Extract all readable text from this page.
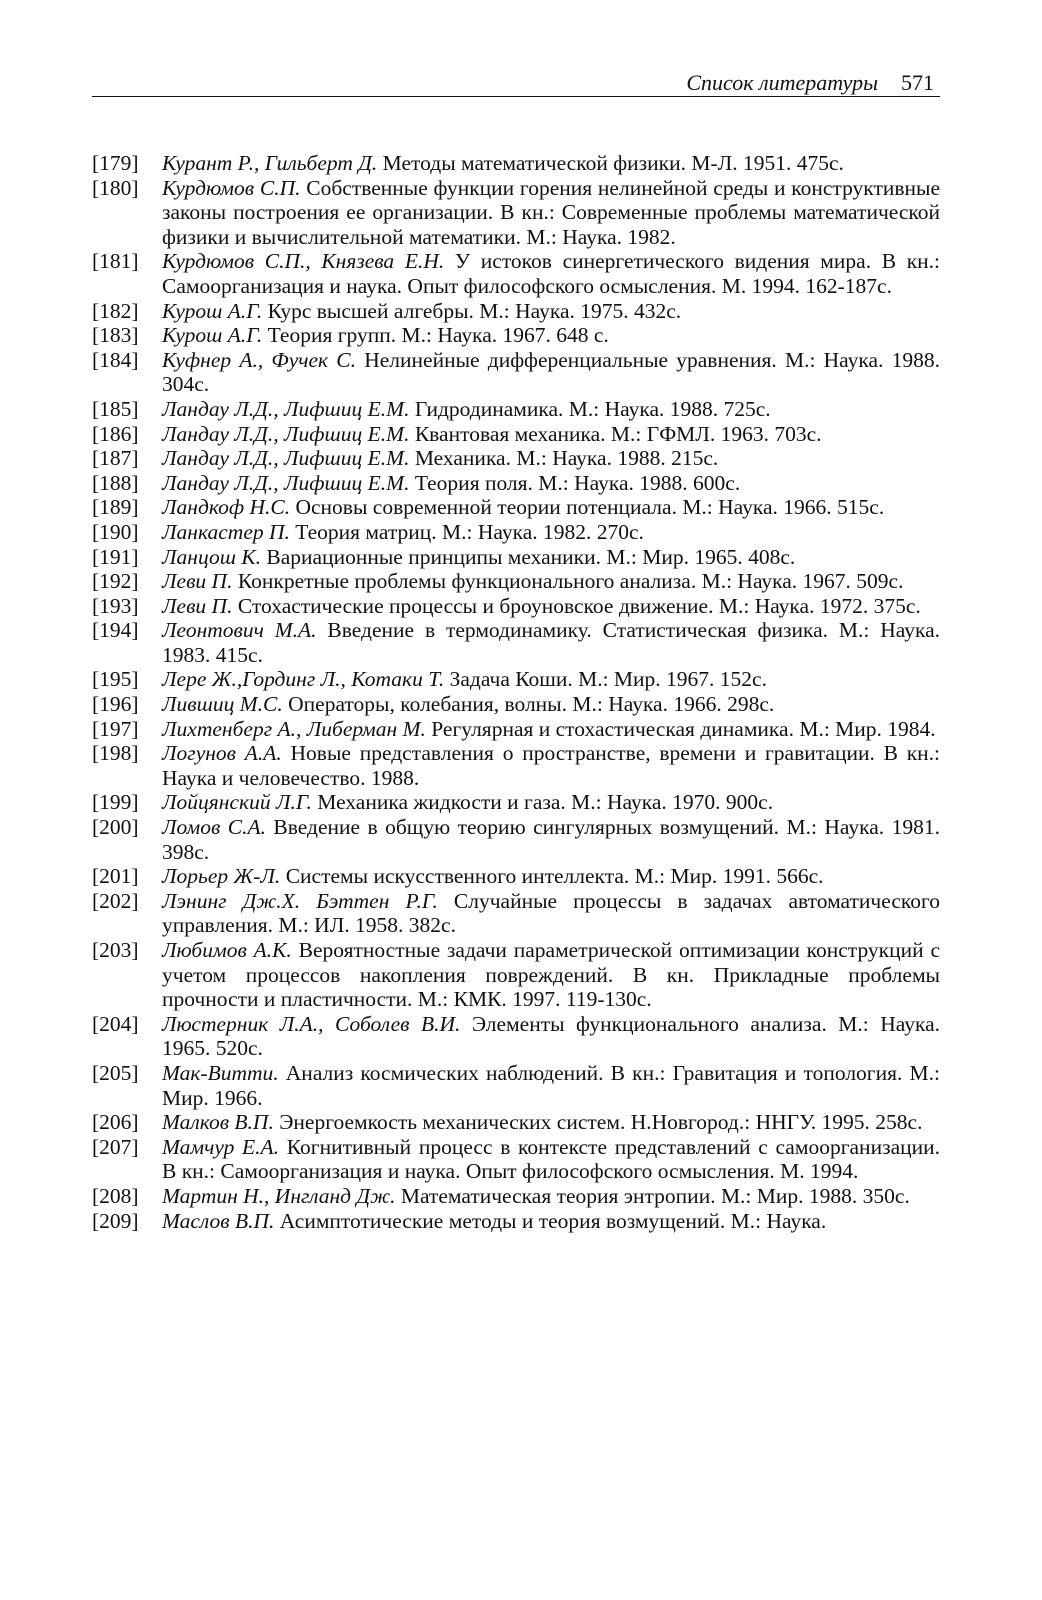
Список литературы 571
[179] Курант Р., Гильберт Д. Методы математической физики. М-Л. 1951. 475с.
[180] Курдюмов С.П. Собственные функции горения нелинейной среды и конструктивные законы построения ее организации. В кн.: Современные проблемы математической физики и вычислительной математики. М.: Наука. 1982.
[181] Курдюмов С.П., Князева Е.Н. У истоков синергетического видения мира. В кн.: Самоорганизация и наука. Опыт философского осмысления. М. 1994. 162-187с.
[182] Курош А.Г. Курс высшей алгебры. М.: Наука. 1975. 432с.
[183] Курош А.Г. Теория групп. М.: Наука. 1967. 648 с.
[184] Куфнер А., Фучек С. Нелинейные дифференциальные уравнения. М.: Наука. 1988. 304с.
[185] Ландау Л.Д., Лифшиц Е.М. Гидродинамика. М.: Наука. 1988. 725с.
[186] Ландау Л.Д., Лифшиц Е.М. Квантовая механика. М.: ГФМЛ. 1963. 703с.
[187] Ландау Л.Д., Лифшиц Е.М. Механика. М.: Наука. 1988. 215с.
[188] Ландау Л.Д., Лифшиц Е.М. Теория поля. М.: Наука. 1988. 600с.
[189] Ландкоф Н.С. Основы современной теории потенциала. М.: Наука. 1966. 515с.
[190] Ланкастер П. Теория матриц. М.: Наука. 1982. 270с.
[191] Ланцош К. Вариационные принципы механики. М.: Мир. 1965. 408с.
[192] Леви П. Конкретные проблемы функционального анализа. М.: Наука. 1967. 509с.
[193] Леви П. Стохастические процессы и броуновское движение. М.: Наука. 1972. 375с.
[194] Леонтович М.А. Введение в термодинамику. Статистическая физика. М.: Наука. 1983. 415с.
[195] Лере Ж.,Гординг Л., Котаки Т. Задача Коши. М.: Мир. 1967. 152с.
[196] Лившиц М.С. Операторы, колебания, волны. М.: Наука. 1966. 298с.
[197] Лихтенберг А., Либерман М. Регулярная и стохастическая динамика. М.: Мир. 1984.
[198] Логунов А.А. Новые представления о пространстве, времени и гравитации. В кн.: Наука и человечество. 1988.
[199] Лойцянский Л.Г. Механика жидкости и газа. М.: Наука. 1970. 900с.
[200] Ломов С.А. Введение в общую теорию сингулярных возмущений. М.: Наука. 1981. 398с.
[201] Лорьер Ж-Л. Системы искусственного интеллекта. М.: Мир. 1991. 566с.
[202] Лэнинг Дж.Х. Бэттен Р.Г. Случайные процессы в задачах автоматического управления. М.: ИЛ. 1958. 382с.
[203] Любимов А.К. Вероятностные задачи параметрической оптимизации конструкций с учетом процессов накопления повреждений. В кн. Прикладные проблемы прочности и пластичности. М.: КМК. 1997. 119-130с.
[204] Люстерник Л.А., Соболев В.И. Элементы функционального анализа. М.: Наука. 1965. 520с.
[205] Мак-Витти. Анализ космических наблюдений. В кн.: Гравитация и топология. М.: Мир. 1966.
[206] Малков В.П. Энергоемкость механических систем. Н.Новгород.: ННГУ. 1995. 258с.
[207] Мамчур Е.А. Когнитивный процесс в контексте представлений с самоорганизации. В кн.: Самоорганизация и наука. Опыт философского осмысления. М. 1994.
[208] Мартин Н., Ингланд Дж. Математическая теория энтропии. М.: Мир. 1988. 350с.
[209] Маслов В.П. Асимптотические методы и теория возмущений. М.: Наука.
